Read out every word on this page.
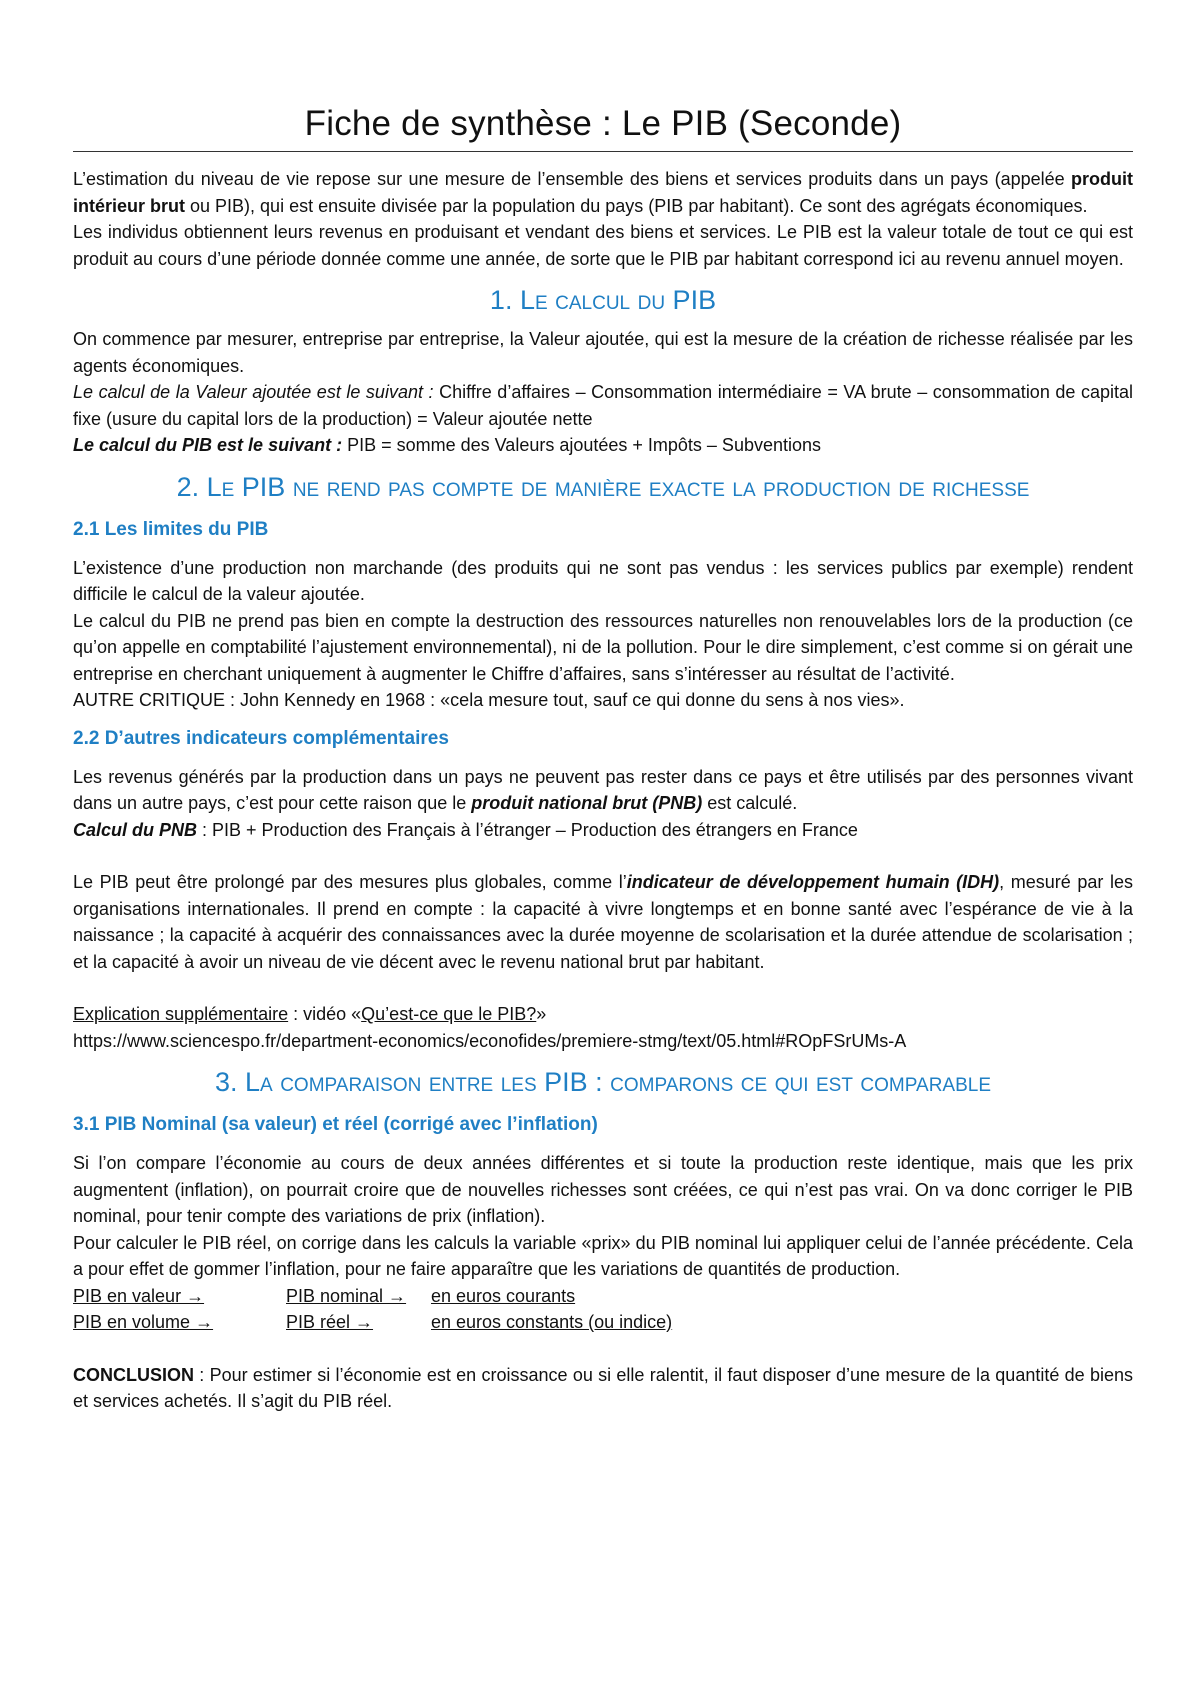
Fiche de synthèse : Le PIB (Seconde)

L’estimation du niveau de vie repose sur une mesure de l’ensemble des biens et services produits dans un pays (appelée produit intérieur brut ou PIB), qui est ensuite divisée par la population du pays (PIB par habitant). Ce sont des agrégats économiques.

Les individus obtiennent leurs revenus en produisant et vendant des biens et services. Le PIB est la valeur totale de tout ce qui est produit au cours d’une période donnée comme une année, de sorte que le PIB par habitant correspond ici au revenu annuel moyen.

1. Le calcul du PIB

On commence par mesurer, entreprise par entreprise, la Valeur ajoutée, qui est la mesure de la création de richesse réalisée par les agents économiques.

Le calcul de la Valeur ajoutée est le suivant : Chiffre d’affaires – Consommation intermédiaire = VA brute – consommation de capital fixe (usure du capital lors de la production) = Valeur ajoutée nette

Le calcul du PIB est le suivant : PIB = somme des Valeurs ajoutées + Impôts – Subventions

2. Le PIB ne rend pas compte de manière exacte la production de richesse
2.1 Les limites du PIB

L’existence d’une production non marchande (des produits qui ne sont pas vendus : les services publics par exemple) rendent difficile le calcul de la valeur ajoutée.

Le calcul du PIB ne prend pas bien en compte la destruction des ressources naturelles non renouvelables lors de la production (ce qu’on appelle en comptabilité l’ajustement environnemental), ni de la pollution. Pour le dire simplement, c’est comme si on gérait une entreprise en cherchant uniquement à augmenter le Chiffre d’affaires, sans s’intéresser au résultat de l’activité.

AUTRE CRITIQUE : John Kennedy en 1968 : «cela mesure tout, sauf ce qui donne du sens à nos vies».

2.2 D’autres indicateurs complémentaires

Les revenus générés par la production dans un pays ne peuvent pas rester dans ce pays et être utilisés par des personnes vivant dans un autre pays, c’est pour cette raison que le produit national brut (PNB) est calculé.

Calcul du PNB : PIB + Production des Français à l’étranger – Production des étrangers en France

Le PIB peut être prolongé par des mesures plus globales, comme l’indicateur de développement humain (IDH), mesuré par les organisations internationales. Il prend en compte : la capacité à vivre longtemps et en bonne santé avec l’espérance de vie à la naissance ; la capacité à acquérir des connaissances avec la durée moyenne de scolarisation et la durée attendue de scolarisation ; et la capacité à avoir un niveau de vie décent avec le revenu national brut par habitant.

Explication supplémentaire : vidéo «Qu’est-ce que le PIB?»

https://www.sciencespo.fr/department-economics/econofides/premiere-stmg/text/05.html#ROpFSrUMs-A

3. La comparaison entre les PIB : comparons ce qui est comparable
3.1 PIB Nominal (sa valeur) et réel (corrigé avec l’inflation)

Si l’on compare l’économie au cours de deux années différentes et si toute la production reste identique, mais que les prix augmentent (inflation), on pourrait croire que de nouvelles richesses sont créées, ce qui n’est pas vrai. On va donc corriger le PIB nominal, pour tenir compte des variations de prix (inflation).

Pour calculer le PIB réel, on corrige dans les calculs la variable «prix» du PIB nominal lui appliquer celui de l’année précédente. Cela a pour effet de gommer l’inflation, pour ne faire apparaître que les variations de quantités de production.

PIB en valeur →	PIB nominal →	en euros courants
PIB en volume →	PIB réel →	en euros constants (ou indice)

CONCLUSION : Pour estimer si l’économie est en croissance ou si elle ralentit, il faut disposer d’une mesure de la quantité de biens et services achetés. Il s’agit du PIB réel.
